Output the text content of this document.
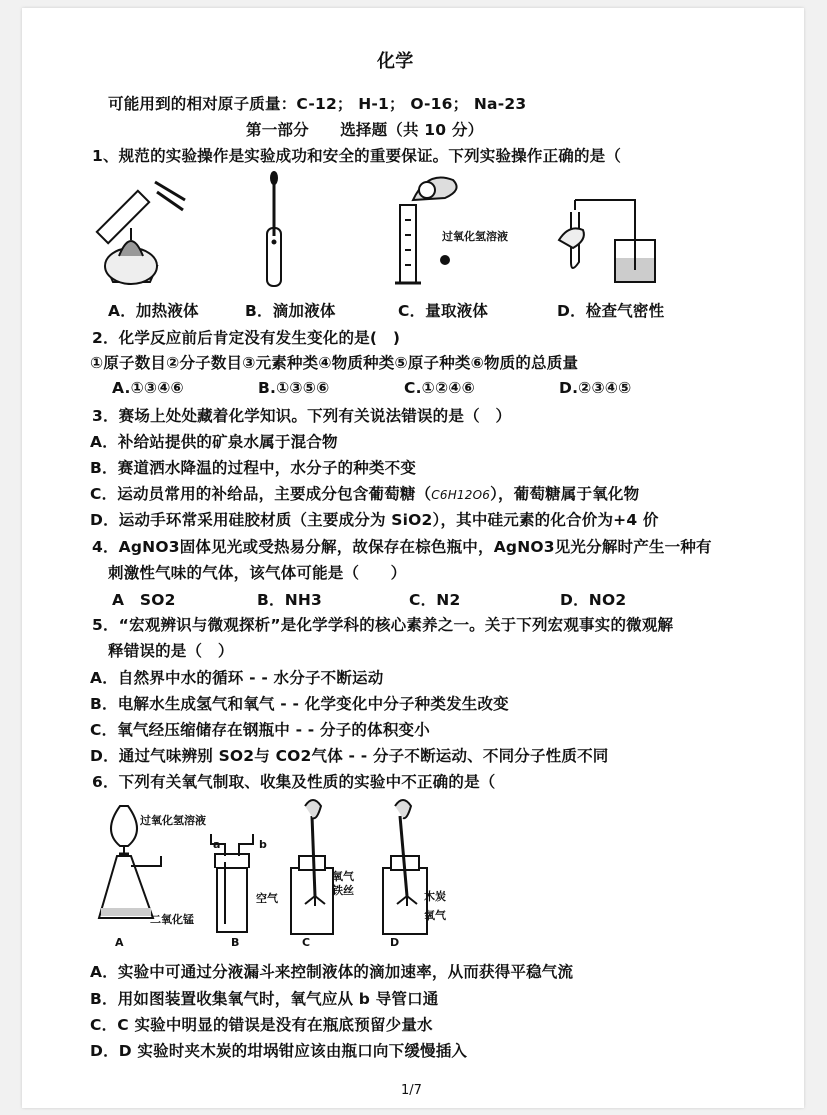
化学
可能用到的相对原子质量：C-12； H-1； O-16； Na-23
第一部分　　选择题（共 10 分）
1、规范的实验操作是实验成功和安全的重要保证。下列实验操作正确的是（
过氧化氢溶液
A．加热液体	B．滴加液体	C．量取液体	D．检查气密性
2．化学反应前后肯定没有发生变化的是(　)
①原子数目②分子数目③元素种类④物质种类⑤原子种类⑥物质的总质量
A.①③④⑥	B.①③⑤⑥	C.①②④⑥	D.②③④⑤
3．赛场上处处藏着化学知识。下列有关说法错误的是（　）
A．补给站提供的矿泉水属于混合物
B．赛道洒水降温的过程中，水分子的种类不变
C．运动员常用的补给品，主要成分包含葡萄糖（C6H12O6），葡萄糖属于氧化物
D．运动手环常采用硅胶材质（主要成分为 SiO2），其中硅元素的化合价为+4 价
4．AgNO3固体见光或受热易分解，故保存在棕色瓶中，AgNO3见光分解时产生一种有
刺激性气味的气体，该气体可能是（　　）
A　SO2	B．NH3	C．N2	D．NO2
5．“宏观辨识与微观探析”是化学学科的核心素养之一。关于下列宏观事实的微观解
释错误的是（　）
A．自然界中水的循环 - - 水分子不断运动
B．电解水生成氢气和氧气 - - 化学变化中分子种类发生改变
C．氧气经压缩储存在钢瓶中 - - 分子的体积变小
D．通过气味辨别 SO2与 CO2气体 - - 分子不断运动、不同分子性质不同
6．下列有关氧气制取、收集及性质的实验中不正确的是（
过氧化氢溶液
二氧化锰
a	b
空气
氧气
铁丝	木炭
氧气
A	B	C	D
A．实验中可通过分液漏斗来控制液体的滴加速率，从而获得平稳气流
B．用如图装置收集氧气时，氧气应从 b 导管口通
C．C 实验中明显的错误是没有在瓶底预留少量水
D．D 实验时夹木炭的坩埚钳应该由瓶口向下缓慢插入
1/7
